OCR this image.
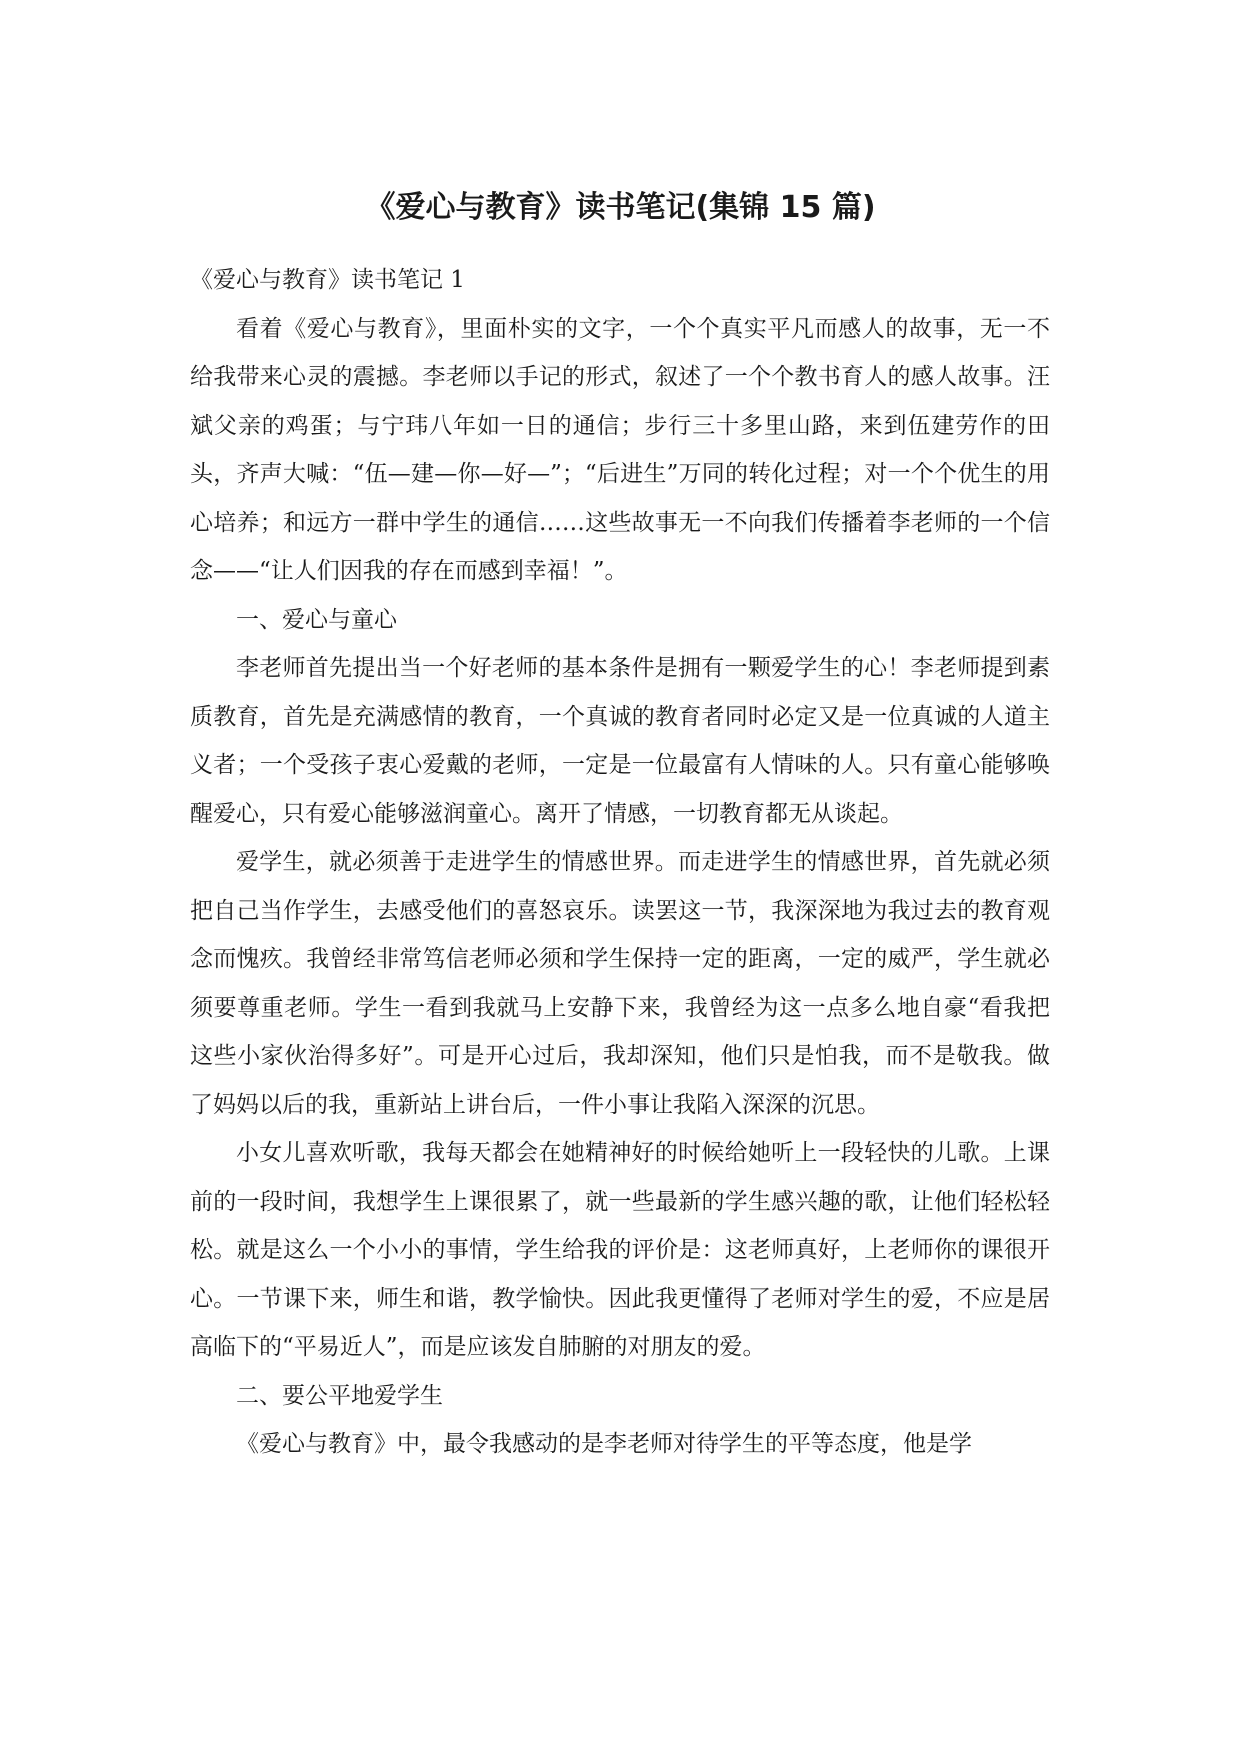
《爱心与教育》读书笔记(集锦 15 篇)

《爱心与教育》读书笔记 1

看着《爱心与教育》，里面朴实的文字，一个个真实平凡而感人的故事，无一不给我带来心灵的震撼。李老师以手记的形式，叙述了一个个教书育人的感人故事。汪斌父亲的鸡蛋；与宁玮八年如一日的通信；步行三十多里山路，来到伍建劳作的田头，齐声大喊：“伍—建—你—好—”；“后进生”万同的转化过程；对一个个优生的用心培养；和远方一群中学生的通信……这些故事无一不向我们传播着李老师的一个信念——“让人们因我的存在而感到幸福！”。

一、爱心与童心

李老师首先提出当一个好老师的基本条件是拥有一颗爱学生的心！李老师提到素质教育，首先是充满感情的教育，一个真诚的教育者同时必定又是一位真诚的人道主义者；一个受孩子衷心爱戴的老师，一定是一位最富有人情味的人。只有童心能够唤醒爱心，只有爱心能够滋润童心。离开了情感，一切教育都无从谈起。

爱学生，就必须善于走进学生的情感世界。而走进学生的情感世界，首先就必须把自己当作学生，去感受他们的喜怒哀乐。读罢这一节，我深深地为我过去的教育观念而愧疚。我曾经非常笃信老师必须和学生保持一定的距离，一定的威严，学生就必须要尊重老师。学生一看到我就马上安静下来，我曾经为这一点多么地自豪“看我把这些小家伙治得多好”。可是开心过后，我却深知，他们只是怕我，而不是敬我。做了妈妈以后的我，重新站上讲台后，一件小事让我陷入深深的沉思。

小女儿喜欢听歌，我每天都会在她精神好的时候给她听上一段轻快的儿歌。上课前的一段时间，我想学生上课很累了，就一些最新的学生感兴趣的歌，让他们轻松轻松。就是这么一个小小的事情，学生给我的评价是：这老师真好，上老师你的课很开心。一节课下来，师生和谐，教学愉快。因此我更懂得了老师对学生的爱，不应是居高临下的“平易近人”，而是应该发自肺腑的对朋友的爱。

二、要公平地爱学生

《爱心与教育》中，最令我感动的是李老师对待学生的平等态度，他是学
